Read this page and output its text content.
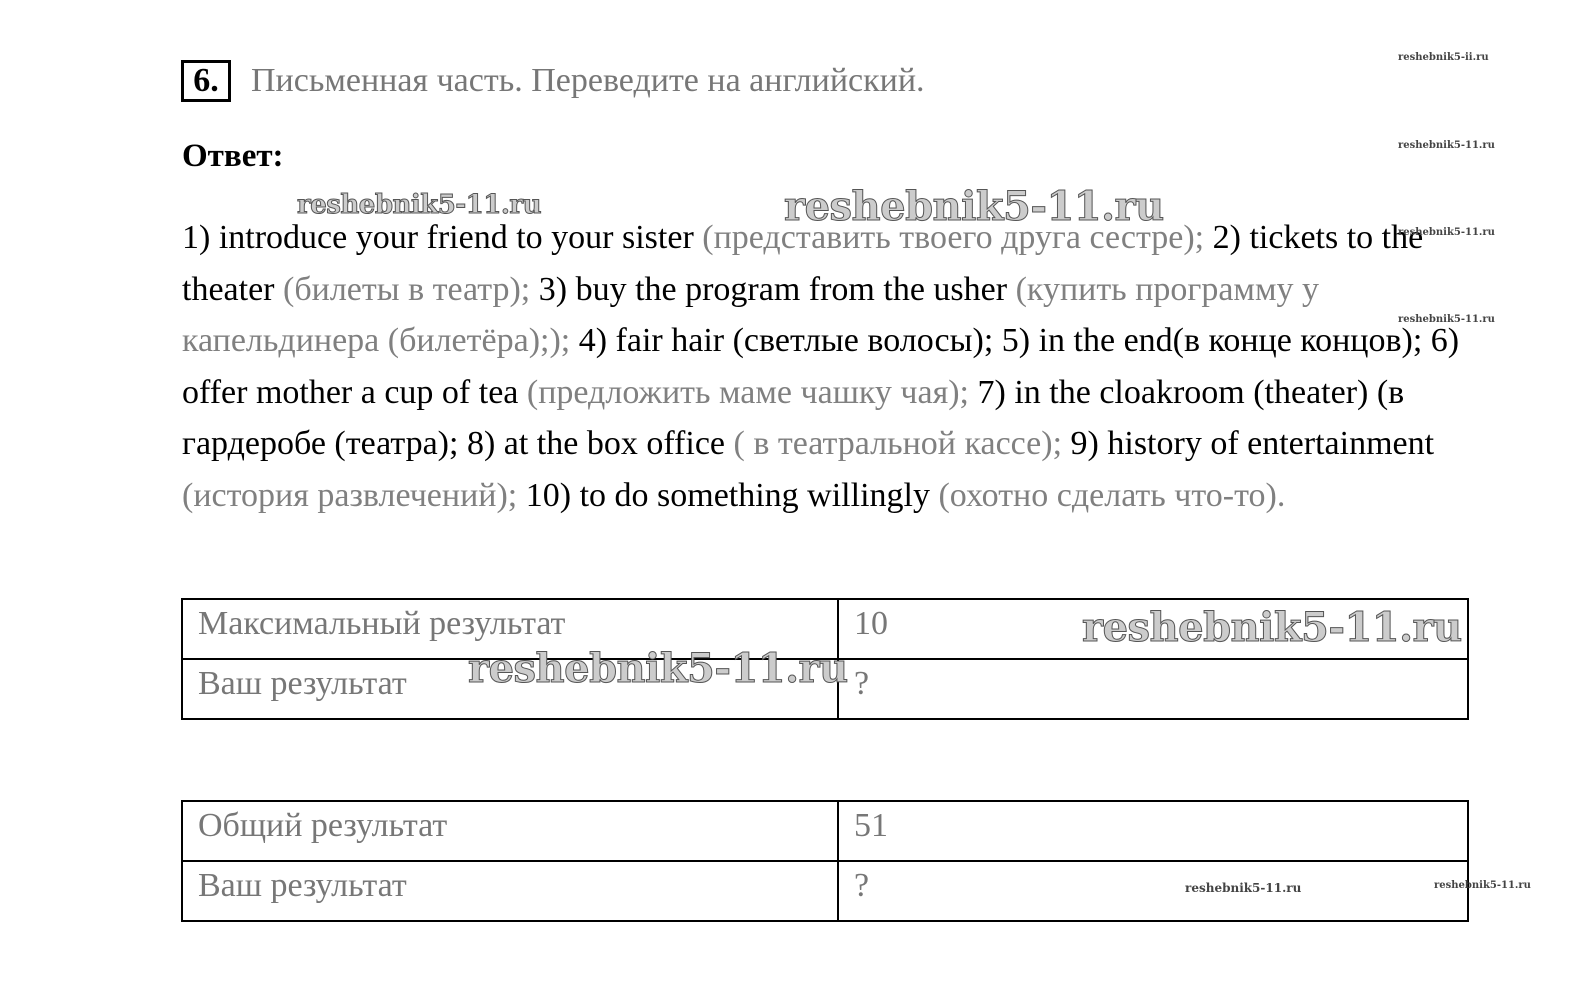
6. Письменная часть. Переведите на английский.
Ответ:
1) introduce your friend to your sister (представить твоего друга сестре); 2) tickets to the theater (билеты в театр); 3) buy the program from the usher (купить программу у капельдинера (билетёра);); 4) fair hair (светлые волосы); 5) in the end(в конце концов); 6) offer mother a cup of tea (предложить маме чашку чая); 7) in the cloakroom (theater) (в гардеробе (театра); 8) at the box office ( в театральной кассе); 9) history of entertainment (история развлечений); 10) to do something willingly (охотно сделать что-то).
Максимальный результат	10
Ваш результат	?
Общий результат	51
Ваш результат	?
reshebnik5-ii.ru
reshebnik5-11.ru
reshebnik5-11.ru
reshebnik5-11.ru
reshebnik5-11.ru	reshebnik5-11.ru
reshebnik5-11.ru
reshebnik5-11.ru
reshebnik5-11.ru	reshebnik5-11.ru
